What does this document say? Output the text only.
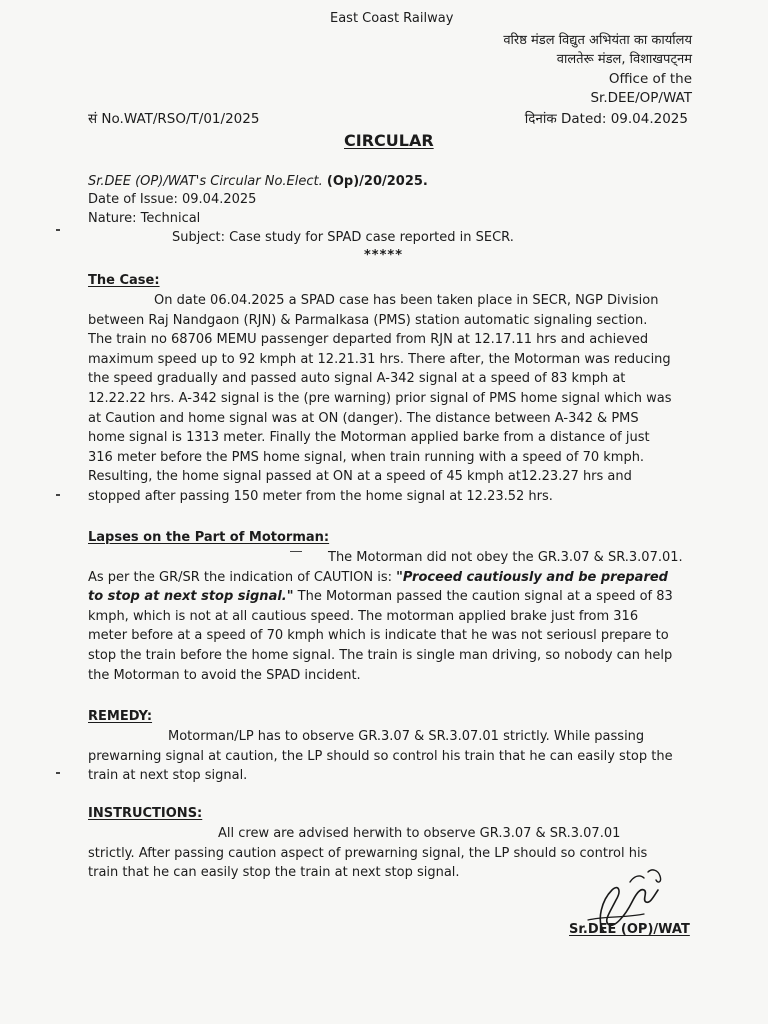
East Coast Railway
वरिष्ठ मंडल विद्युत अभियंता का कार्यालय
वालतेरू मंडल, विशाखपट्नम
Office of the
Sr.DEE/OP/WAT
सं No.WAT/RSO/T/01/2025	दिनांक Dated: 09.04.2025
CIRCULAR
Sr.DEE (OP)/WAT's Circular No.Elect. (Op)/20/2025.
Date of Issue: 09.04.2025
Nature: Technical
Subject: Case study for SPAD case reported in SECR.
*****
The Case:
On date 06.04.2025 a SPAD case has been taken place in SECR, NGP Division
between Raj Nandgaon (RJN) & Parmalkasa (PMS) station automatic signaling section.
The train no 68706 MEMU passenger departed from RJN at 12.17.11 hrs and achieved
maximum speed up to 92 kmph at 12.21.31 hrs. There after, the Motorman was reducing
the speed gradually and passed auto signal A-342 signal at a speed of 83 kmph at
12.22.22 hrs. A-342 signal is the (pre warning) prior signal of PMS home signal which was
at Caution and home signal was at ON (danger). The distance between A-342 & PMS
home signal is 1313 meter. Finally the Motorman applied barke from a distance of just
316 meter before the PMS home signal, when train running with a speed of 70 kmph.
Resulting, the home signal passed at ON at a speed of 45 kmph at12.23.27 hrs and
stopped after passing 150 meter from the home signal at 12.23.52 hrs.
Lapses on the Part of Motorman:
The Motorman did not obey the GR.3.07 & SR.3.07.01.
As per the GR/SR the indication of CAUTION is: "Proceed cautiously and be prepared
to stop at next stop signal." The Motorman passed the caution signal at a speed of 83
kmph, which is not at all cautious speed. The motorman applied brake just from 316
meter before at a speed of 70 kmph which is indicate that he was not seriousl prepare to
stop the train before the home signal. The train is single man driving, so nobody can help
the Motorman to avoid the SPAD incident.
REMEDY:
Motorman/LP has to observe GR.3.07 & SR.3.07.01 strictly. While passing
prewarning signal at caution, the LP should so control his train that he can easily stop the
train at next stop signal.
INSTRUCTIONS:
All crew are advised herwith to observe GR.3.07 & SR.3.07.01
strictly. After passing caution aspect of prewarning signal, the LP should so control his
train that he can easily stop the train at next stop signal.
Sr.DEE (OP)/WAT
